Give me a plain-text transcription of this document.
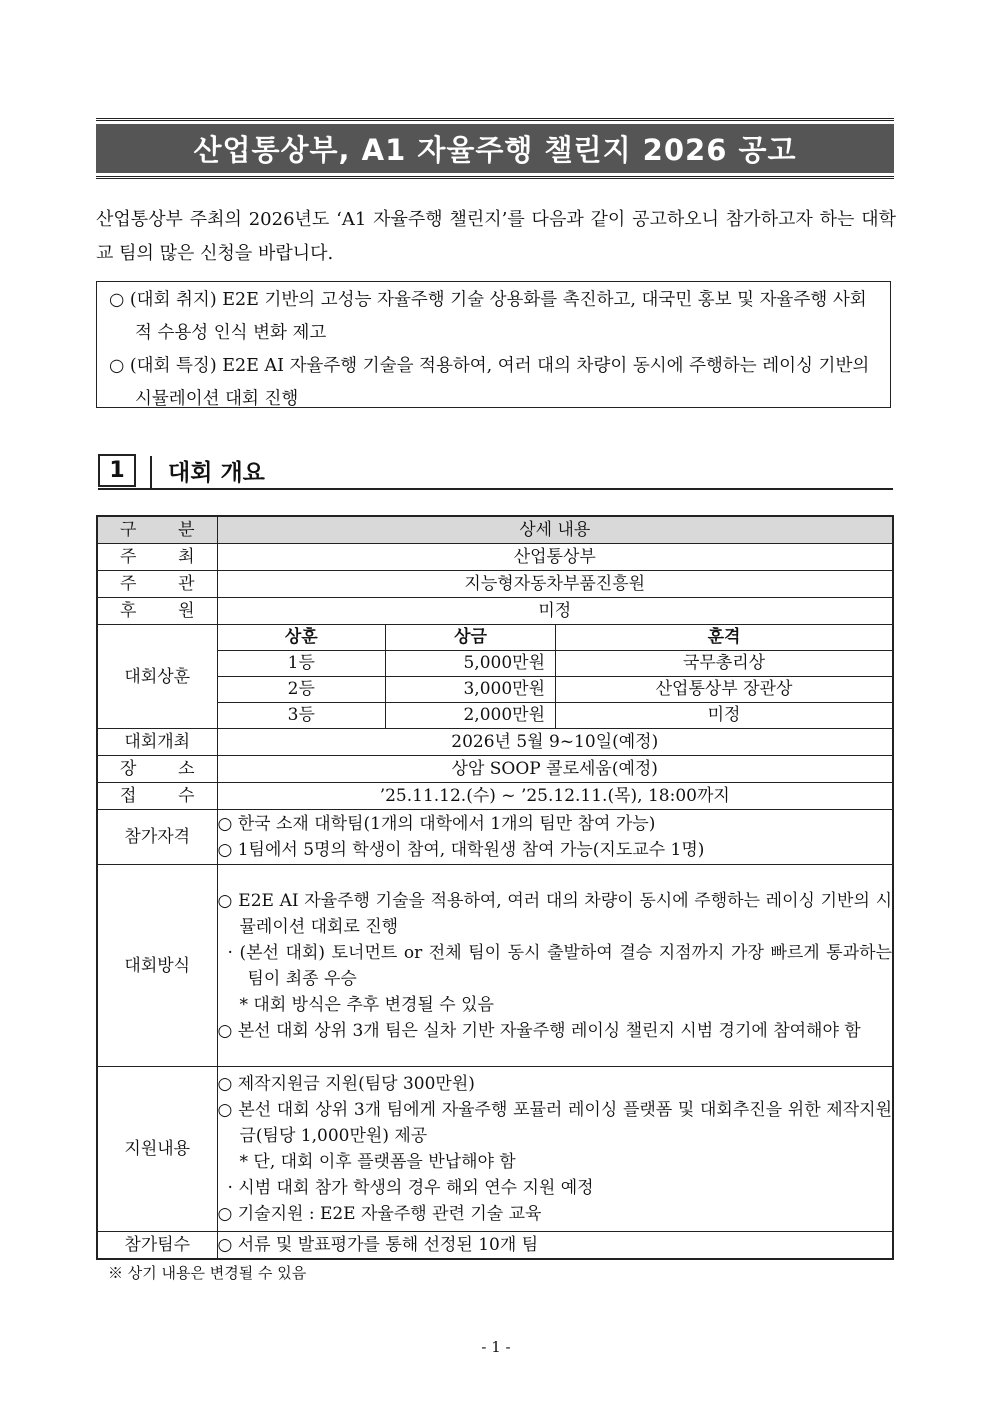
산업통상부, A1 자율주행 챌린지 2026 공고

산업통상부 주최의 2026년도 ‘A1 자율주행 챌린지’를 다음과 같이 공고하오니 참가하고자 하는 대학교 팀의 많은 신청을 바랍니다.

○ (대회 취지) E2E 기반의 고성능 자율주행 기술 상용화를 촉진하고, 대국민 홍보 및 자율주행 사회적 수용성 인식 변화 제고

○ (대회 특징) E2E AI 자율주행 기술을 적용하여, 여러 대의 차량이 동시에 주행하는 레이싱 기반의 시뮬레이션 대회 진행

1	대회 개요
구 분	상세 내용

주 최	산업통상부

주 관	지능형자동차부품진흥원

후 원	미정
대회상훈	
상훈	상금	훈격
1등	5,000만원	국무총리상
2등	3,000만원	산업통상부 장관상
3등	2,000만원	미정

대회개최	2026년 5월 9~10일(예정)

장 소	상암 SOOP 콜로세움(예정)

접 수	’25.11.12.(수) ~ ’25.12.11.(목), 18:00까지
참가자격	

○ 한국 소재 대학팀(1개의 대학에서 1개의 팀만 참여 가능)

○ 1팀에서 5명의 학생이 참여, 대학원생 참여 가능(지도교수 1명)

대회방식	

○ E2E AI 자율주행 기술을 적용하여, 여러 대의 차량이 동시에 주행하는 레이싱 기반의 시뮬레이션 대회로 진행

· (본선 대회) 토너먼트 or 전체 팀이 동시 출발하여 결승 지점까지 가장 빠르게 통과하는 팀이 최종 우승

* 대회 방식은 추후 변경될 수 있음

○ 본선 대회 상위 3개 팀은 실차 기반 자율주행 레이싱 챌린지 시범 경기에 참여해야 함

지원내용	

○ 제작지원금 지원(팀당 300만원)

○ 본선 대회 상위 3개 팀에게 자율주행 포뮬러 레이싱 플랫폼 및 대회추진을 위한 제작지원금(팀당 1,000만원) 제공

* 단, 대회 이후 플랫폼을 반납해야 함

· 시범 대회 참가 학생의 경우 해외 연수 지원 예정

○ 기술지원 : E2E 자율주행 관련 기술 교육

참가팀수	○ 서류 및 발표평가를 통해 선정된 10개 팀
※ 상기 내용은 변경될 수 있음
- 1 -
